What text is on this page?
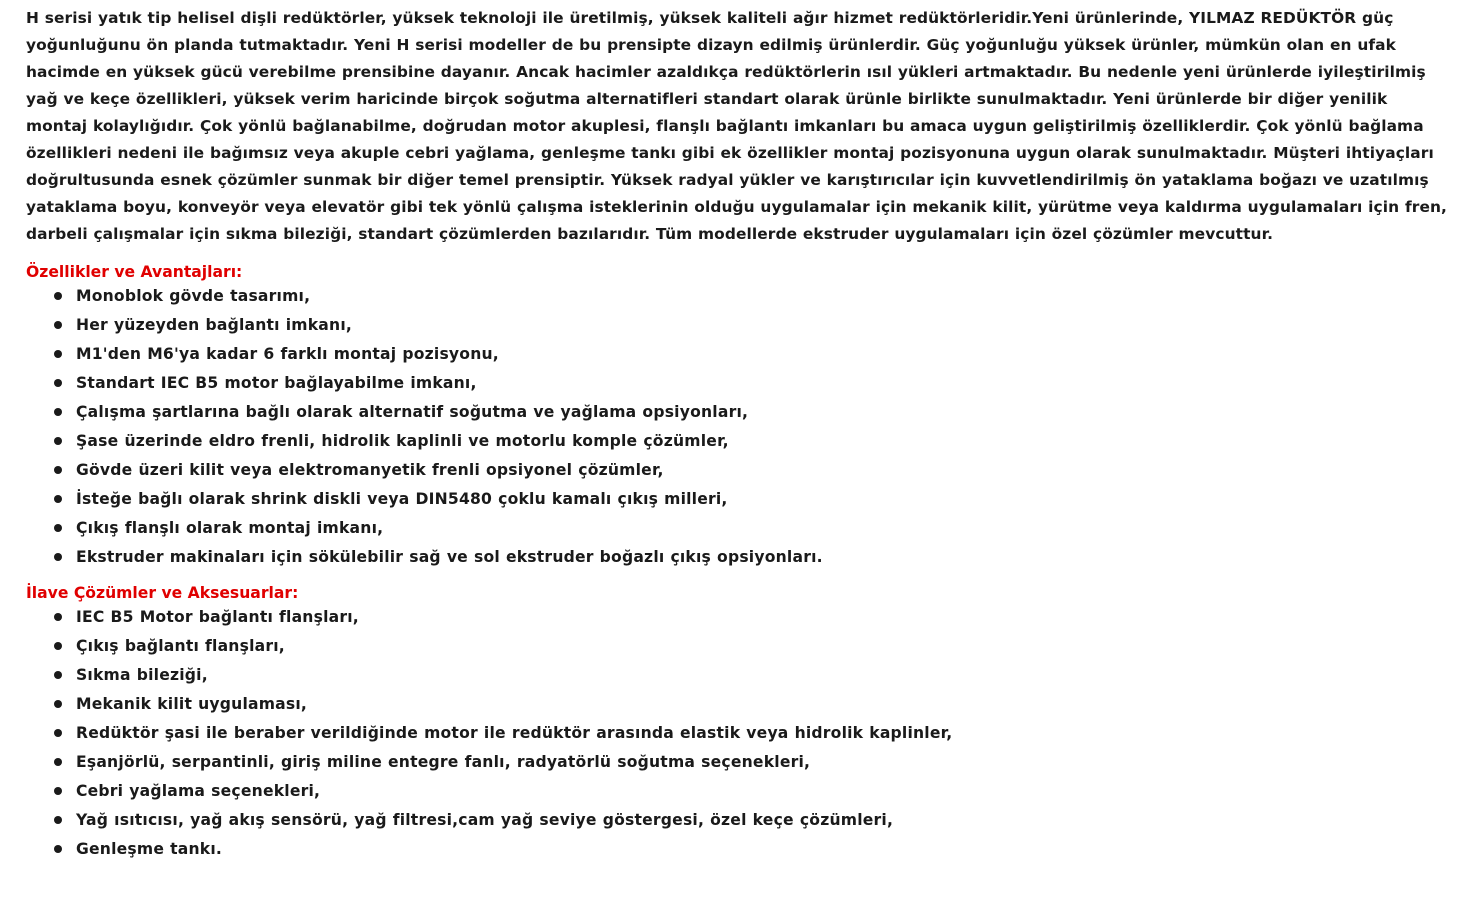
H serisi yatık tip helisel dişli redüktörler, yüksek teknoloji ile üretilmiş, yüksek kaliteli ağır hizmet redüktörleridir.Yeni ürünlerinde, YILMAZ REDÜKTÖR güç yoğunluğunu ön planda tutmaktadır. Yeni H serisi modeller de bu prensipte dizayn edilmiş ürünlerdir. Güç yoğunluğu yüksek ürünler, mümkün olan en ufak hacimde en yüksek gücü verebilme prensibine dayanır. Ancak hacimler azaldıkça redüktörlerin ısıl yükleri artmaktadır. Bu nedenle yeni ürünlerde iyileştirilmiş yağ ve keçe özellikleri, yüksek verim haricinde birçok soğutma alternatifleri standart olarak ürünle birlikte sunulmaktadır. Yeni ürünlerde bir diğer yenilik montaj kolaylığıdır. Çok yönlü bağlanabilme, doğrudan motor akuplesi, flanşlı bağlantı imkanları bu amaca uygun geliştirilmiş özelliklerdir. Çok yönlü bağlama özellikleri nedeni ile bağımsız veya akuple cebri yağlama, genleşme tankı gibi ek özellikler montaj pozisyonuna uygun olarak sunulmaktadır. Müşteri ihtiyaçları doğrultusunda esnek çözümler sunmak bir diğer temel prensiptir. Yüksek radyal yükler ve karıştırıcılar için kuvvetlendirilmiş ön yataklama boğazı ve uzatılmış yataklama boyu, konveyör veya elevatör gibi tek yönlü çalışma isteklerinin olduğu uygulamalar için mekanik kilit, yürütme veya kaldırma uygulamaları için fren, darbeli çalışmalar için sıkma bileziği, standart çözümlerden bazılarıdır. Tüm modellerde ekstruder uygulamaları için özel çözümler mevcuttur.

Özellikler ve Avantajları:
Monoblok gövde tasarımı,
Her yüzeyden bağlantı imkanı,
M1'den M6'ya kadar 6 farklı montaj pozisyonu,
Standart IEC B5 motor bağlayabilme imkanı,
Çalışma şartlarına bağlı olarak alternatif soğutma ve yağlama opsiyonları,
Şase üzerinde eldro frenli, hidrolik kaplinli ve motorlu komple çözümler,
Gövde üzeri kilit veya elektromanyetik frenli opsiyonel çözümler,
İsteğe bağlı olarak shrink diskli veya DIN5480 çoklu kamalı çıkış milleri,
Çıkış flanşlı olarak montaj imkanı,
Ekstruder makinaları için sökülebilir sağ ve sol ekstruder boğazlı çıkış opsiyonları.
İlave Çözümler ve Aksesuarlar:
IEC B5 Motor bağlantı flanşları,
Çıkış bağlantı flanşları,
Sıkma bileziği,
Mekanik kilit uygulaması,
Redüktör şasi ile beraber verildiğinde motor ile redüktör arasında elastik veya hidrolik kaplinler,
Eşanjörlü, serpantinli, giriş miline entegre fanlı, radyatörlü soğutma seçenekleri,
Cebri yağlama seçenekleri,
Yağ ısıtıcısı, yağ akış sensörü, yağ filtresi,cam yağ seviye göstergesi, özel keçe çözümleri,
Genleşme tankı.
